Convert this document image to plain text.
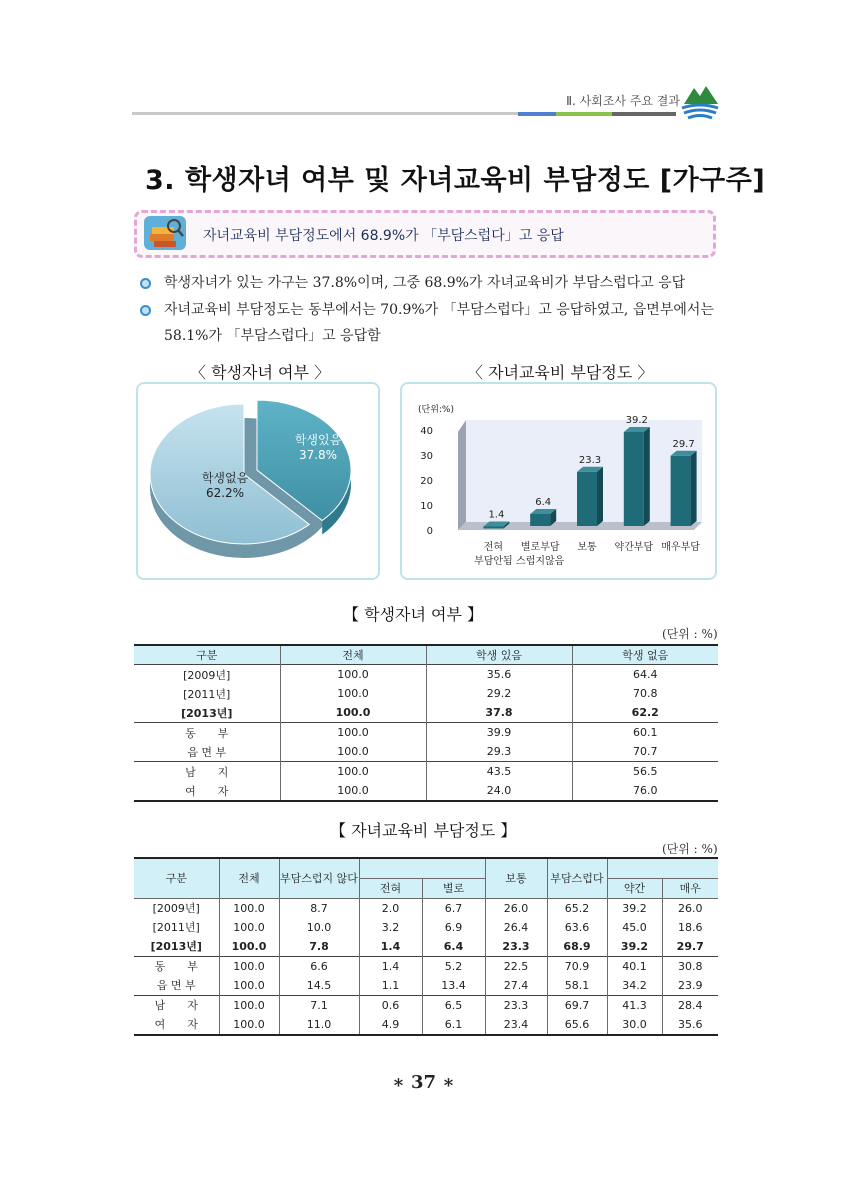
Ⅱ. 사회조사 주요 결과
3. 학생자녀 여부 및 자녀교육비 부담정도 [가구주]
자녀교육비 부담정도에서 68.9%가 「부담스럽다」고 응답
학생자녀가 있는 가구는 37.8%이며, 그중 68.9%가 자녀교육비가 부담스럽다고 응답
자녀교육비 부담정도는 동부에서는 70.9%가 「부담스럽다」고 응답하였고, 읍면부에서는
58.1%가 「부담스럽다」고 응답함
〈 학생자녀 여부 〉	〈 자녀교육비 부담정도 〉
학생있음
37.8%
학생없음
62.2%
(단위:%)
0
10
20
30
40
1.4
전혀
부담안됨
6.4
별로부담
스럽지않음
23.3
보통
39.2
약간부담
29.7
매우부담
【 학생자녀 여부 】
(단위 : %)
구분	전체	학생 있음	학생 없음
[2009년]	100.0	35.6	64.4
[2011년]	100.0	29.2	70.8
[2013년]	100.0	37.8	62.2
동　　부	100.0	39.9	60.1
읍 면 부	100.0	29.3	70.7
남　　지	100.0	43.5	56.5
여　　자	100.0	24.0	76.0
【 자녀교육비 부담정도 】
(단위 : %)
구분	전체	부담스럽지 않다			보통	부담스럽다		
			전혀	별로			약간	매우
[2009년]	100.0	8.7	2.0	6.7	26.0	65.2	39.2	26.0
[2011년]	100.0	10.0	3.2	6.9	26.4	63.6	45.0	18.6
[2013년]	100.0	7.8	1.4	6.4	23.3	68.9	39.2	29.7
동　　부	100.0	6.6	1.4	5.2	22.5	70.9	40.1	30.8
읍 면 부	100.0	14.5	1.1	13.4	27.4	58.1	34.2	23.9
남　　자	100.0	7.1	0.6	6.5	23.3	69.7	41.3	28.4
여　　자	100.0	11.0	4.9	6.1	23.4	65.6	30.0	35.6
∗ 37 ∗
